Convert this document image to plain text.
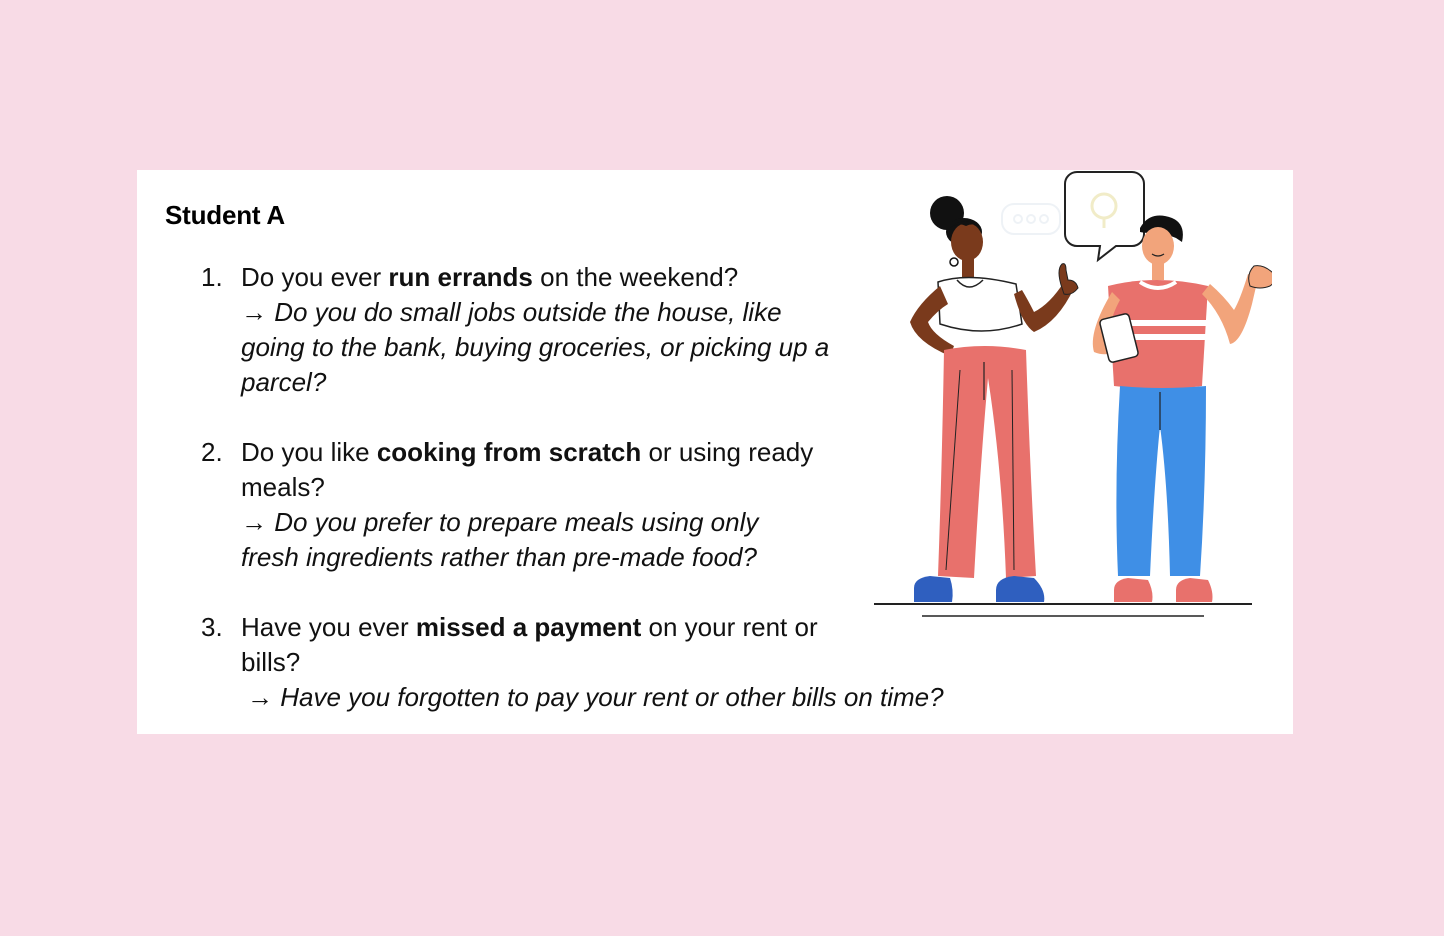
Student A
1. Do you ever run errands on the weekend?
→ Do you do small jobs outside the house, like going to the bank, buying groceries, or picking up a parcel?
2. Do you like cooking from scratch or using ready meals?
→ Do you prefer to prepare meals using only fresh ingredients rather than pre-made food?
3. Have you ever missed a payment on your rent or bills?
→ Have you forgotten to pay your rent or other bills on time?
